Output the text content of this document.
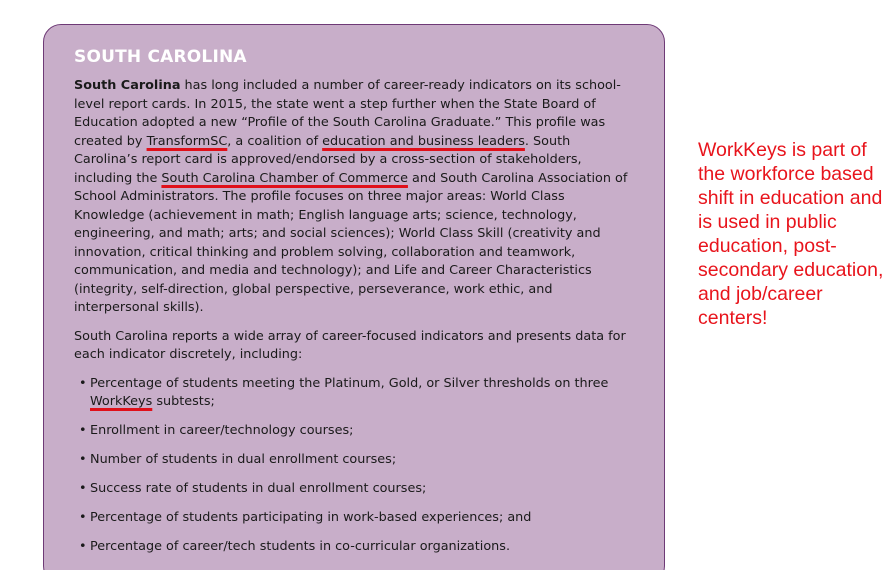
SOUTH CAROLINA

South Carolina has long included a number of career-ready indicators on its school-level report cards. In 2015, the state went a step further when the State Board of Education adopted a new “Profile of the South Carolina Graduate.” This profile was created by TransformSC, a coalition of education and business leaders. South Carolina’s report card is approved/endorsed by a cross-section of stakeholders, including the South Carolina Chamber of Commerce and South Carolina Association of School Administrators. The profile focuses on three major areas: World Class Knowledge (achievement in math; English language arts; science, technology, engineering, and math; arts; and social sciences); World Class Skill (creativity and innovation, critical thinking and problem solving, collaboration and teamwork, communication, and media and technology); and Life and Career Characteristics (integrity, self-direction, global perspective, perseverance, work ethic, and interpersonal skills).

South Carolina reports a wide array of career-focused indicators and presents data for each indicator discretely, including:

• Percentage of students meeting the Platinum, Gold, or Silver thresholds on three WorkKeys subtests;
• Enrollment in career/technology courses;
• Number of students in dual enrollment courses;
• Success rate of students in dual enrollment courses;
• Percentage of students participating in work-based experiences; and
• Percentage of career/tech students in co-curricular organizations.
WorkKeys is part of the workforce based shift in education and is used in public education, post-secondary education, and job/career centers!
